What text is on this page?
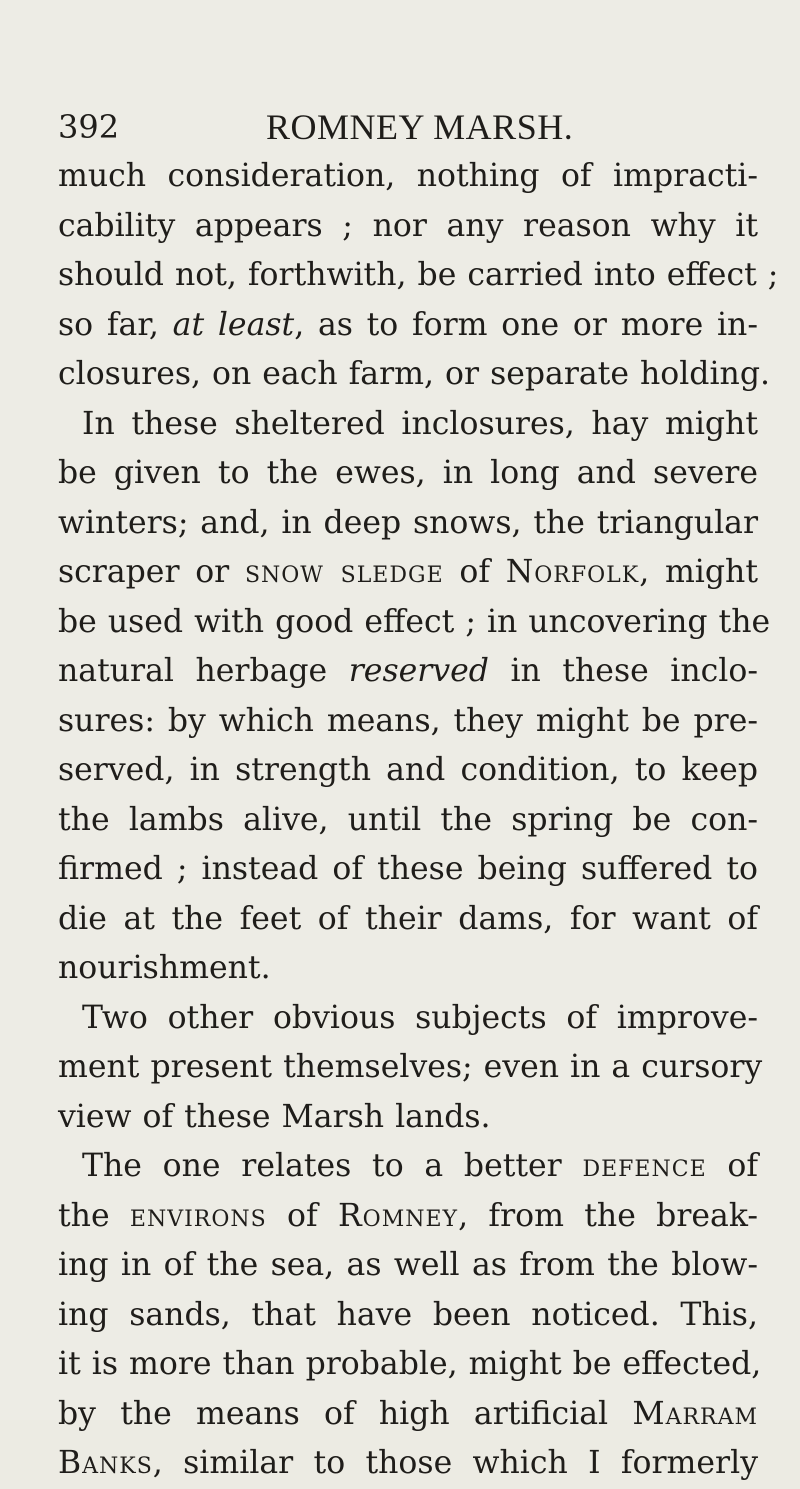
392	ROMNEY MARSH.
much consideration, nothing of impracti-
cability appears ; nor any reason why it
should not, forthwith, be carried into effect ;
so far, at least, as to form one or more in-
closures, on each farm, or separate holding.
In these sheltered inclosures, hay might
be given to the ewes, in long and severe
winters; and, in deep snows, the triangular
scraper or snow sledge of Norfolk, might
be used with good effect ; in uncovering the
natural herbage reserved in these inclo-
sures: by which means, they might be pre-
served, in strength and condition, to keep
the lambs alive, until the spring be con-
firmed ; instead of these being suffered to
die at the feet of their dams, for want of
nourishment.
Two other obvious subjects of improve-
ment present themselves; even in a cursory
view of these Marsh lands.
The one relates to a better defence of
the environs of Romney, from the break-
ing in of the sea, as well as from the blow-
ing sands, that have been noticed. This,
it is more than probable, might be effected,
by the means of high artificial Marram
Banks, similar to those which I formerly
